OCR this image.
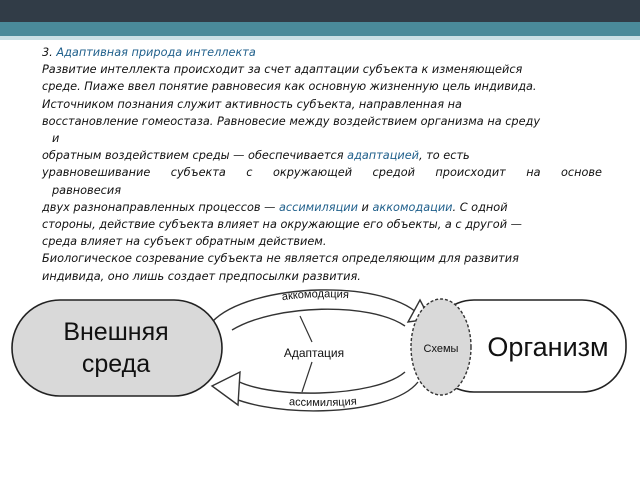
3. Адаптивная природа интеллекта
Развитие интеллекта происходит за счет адаптации субъекта к изменяющейся
среде. Пиаже ввел понятие равновесия как основную жизненную цель индивида.
Источником познания служит активность субъекта, направленная на
восстановление гомеостаза. Равновесие между воздействием организма на среду
и
обратным воздействием среды — обеспечивается адаптацией, то есть
уравновешивание субъекта с окружающей средой происходит на основе
равновесия
двух разнонаправленных процессов — ассимиляции и аккомодации. С одной
стороны, действие субъекта влияет на окружающие его объекты, а с другой —
среда влияет на субъект обратным действием.
Биологическое созревание субъекта не является определяющим для развития
индивида, оно лишь создает предпосылки развития.
Внешняя
среда
аккомодация
ассимиляция
Адаптация	Схемы Организм
